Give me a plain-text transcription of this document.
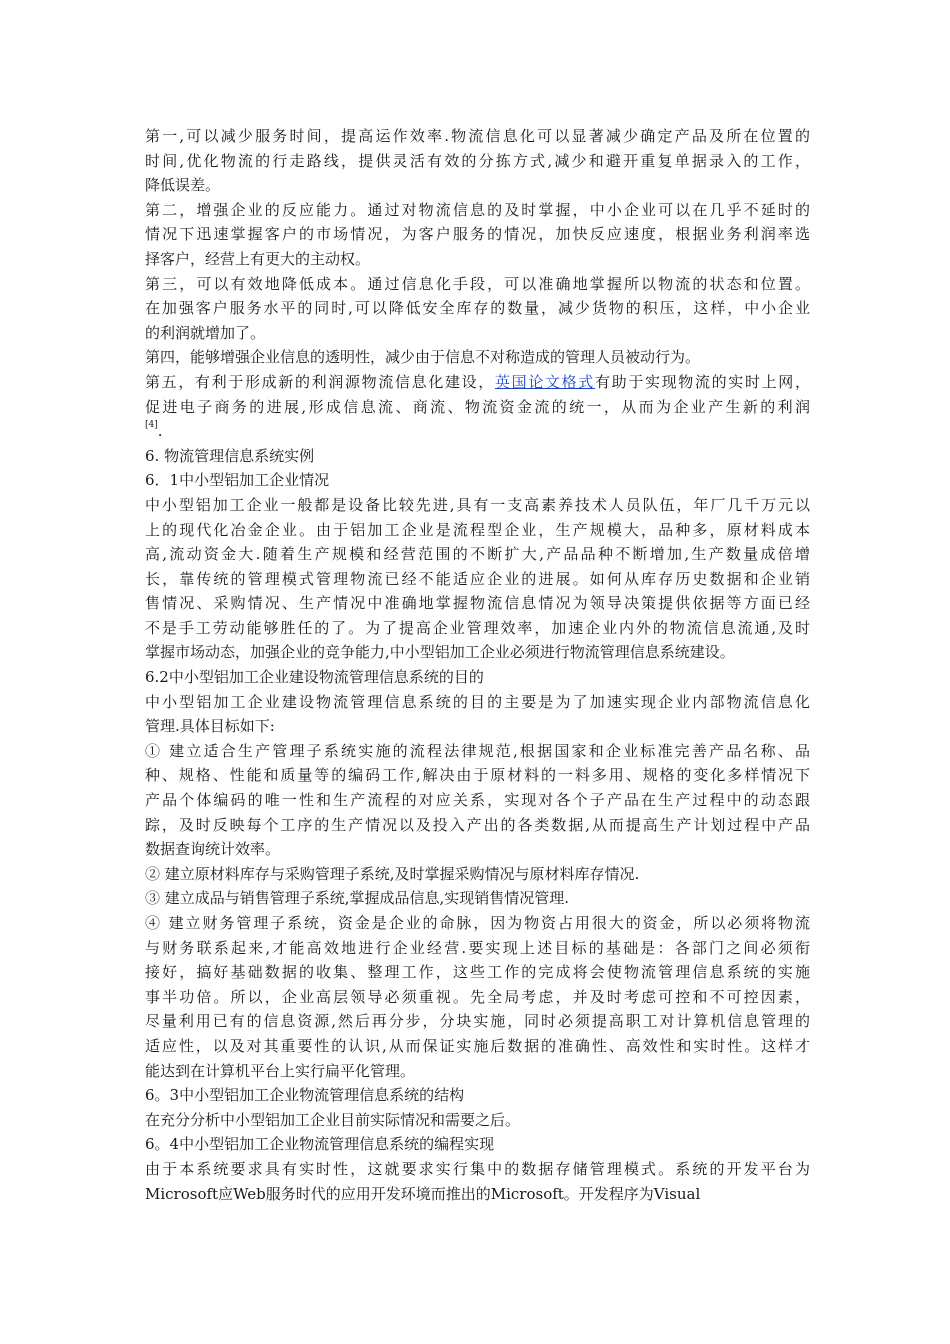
第一,可以减少服务时间，提高运作效率.物流信息化可以显著减少确定产品及所在位置的
时间,优化物流的行走路线，提供灵活有效的分拣方式,减少和避开重复单据录入的工作，
降低误差。
第二，增强企业的反应能力。通过对物流信息的及时掌握，中小企业可以在几乎不延时的
情况下迅速掌握客户的市场情况，为客户服务的情况，加快反应速度，根据业务利润率选
择客户，经营上有更大的主动权。
第三，可以有效地降低成本。通过信息化手段，可以准确地掌握所以物流的状态和位置。
在加强客户服务水平的同时,可以降低安全库存的数量，减少货物的积压，这样，中小企业
的利润就增加了。
第四，能够增强企业信息的透明性，减少由于信息不对称造成的管理人员被动行为。
第五，有利于形成新的利润源物流信息化建设，英国论文格式有助于实现物流的实时上网，
促进电子商务的进展,形成信息流、商流、物流资金流的统一，从而为企业产生新的利润
[4].
6. 物流管理信息系统实例
6．1中小型铝加工企业情况
中小型铝加工企业一般都是设备比较先进,具有一支高素养技术人员队伍，年厂几千万元以
上的现代化冶金企业。由于铝加工企业是流程型企业，生产规模大，品种多，原材料成本
高,流动资金大.随着生产规模和经营范围的不断扩大,产品品种不断增加,生产数量成倍增
长，靠传统的管理模式管理物流已经不能适应企业的进展。如何从库存历史数据和企业销
售情况、采购情况、生产情况中准确地掌握物流信息情况为领导决策提供依据等方面已经
不是手工劳动能够胜任的了。为了提高企业管理效率，加速企业内外的物流信息流通,及时
掌握市场动态，加强企业的竞争能力,中小型铝加工企业必须进行物流管理信息系统建设。
6.2中小型铝加工企业建设物流管理信息系统的目的
中小型铝加工企业建设物流管理信息系统的目的主要是为了加速实现企业内部物流信息化
管理.具体目标如下:
① 建立适合生产管理子系统实施的流程法律规范,根据国家和企业标准完善产品名称、品
种、规格、性能和质量等的编码工作,解决由于原材料的一料多用、规格的变化多样情况下
产品个体编码的唯一性和生产流程的对应关系，实现对各个子产品在生产过程中的动态跟
踪，及时反映每个工序的生产情况以及投入产出的各类数据,从而提高生产计划过程中产品
数据查询统计效率。
② 建立原材料库存与采购管理子系统,及时掌握采购情况与原材料库存情况.
③ 建立成品与销售管理子系统,掌握成品信息,实现销售情况管理.
④ 建立财务管理子系统，资金是企业的命脉，因为物资占用很大的资金，所以必须将物流
与财务联系起来,才能高效地进行企业经营.要实现上述目标的基础是：各部门之间必须衔
接好，搞好基础数据的收集、整理工作，这些工作的完成将会使物流管理信息系统的实施
事半功倍。所以，企业高层领导必须重视。先全局考虑，并及时考虑可控和不可控因素，
尽量利用已有的信息资源,然后再分步，分块实施，同时必须提高职工对计算机信息管理的
适应性，以及对其重要性的认识,从而保证实施后数据的准确性、高效性和实时性。这样才
能达到在计算机平台上实行扁平化管理。
6。3中小型铝加工企业物流管理信息系统的结构
在充分分析中小型铝加工企业目前实际情况和需要之后。
6。4中小型铝加工企业物流管理信息系统的编程实现
由于本系统要求具有实时性，这就要求实行集中的数据存储管理模式。系统的开发平台为
Microsoft应Web服务时代的应用开发环境而推出的Microsoft。开发程序为Visual
